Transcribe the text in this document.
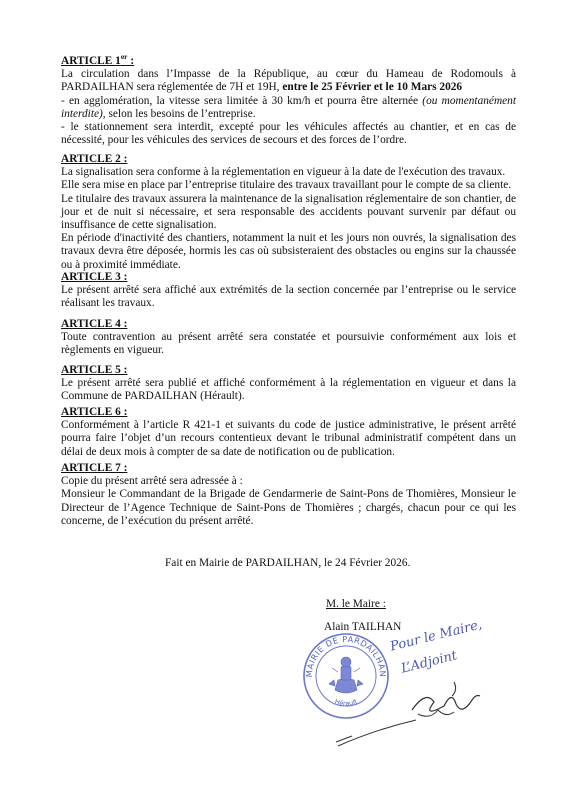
ARTICLE 1er :
La circulation dans l’Impasse de la République, au cœur du Hameau de Rodomouls à
PARDAILHAN sera réglementée de 7H et 19H, entre le 25 Février et le 10 Mars 2026
- en agglomération, la vitesse sera limitée à 30 km/h et pourra être alternée (ou momentanément
interdite), selon les besoins de l’entreprise.
- le stationnement sera interdit, excepté pour les véhicules affectés au chantier, et en cas de
nécessité, pour les véhicules des services de secours et des forces de l’ordre.
ARTICLE 2 :
La signalisation sera conforme à la réglementation en vigueur à la date de l'exécution des travaux.
Elle sera mise en place par l’entreprise titulaire des travaux travaillant pour le compte de sa cliente.
Le titulaire des travaux assurera la maintenance de la signalisation réglementaire de son chantier, de
jour et de nuit si nécessaire, et sera responsable des accidents pouvant survenir par défaut ou
insuffisance de cette signalisation.
En période d'inactivité des chantiers, notamment la nuit et les jours non ouvrés, la signalisation des
travaux devra être déposée, hormis les cas où subsisteraient des obstacles ou engins sur la chaussée
ou à proximité immédiate.
ARTICLE 3 :
Le présent arrêté sera affiché aux extrémités de la section concernée par l’entreprise ou le service
réalisant les travaux.
ARTICLE 4 :
Toute contravention au présent arrêté sera constatée et poursuivie conformément aux lois et
règlements en vigueur.
ARTICLE 5 :
Le présent arrêté sera publié et affiché conformément à la réglementation en vigueur et dans la
Commune de PARDAILHAN (Hérault).
ARTICLE 6 :
Conformément à l’article R 421-1 et suivants du code de justice administrative, le présent arrêté
pourra faire l’objet d’un recours contentieux devant le tribunal administratif compétent dans un
délai de deux mois à compter de sa date de notification ou de publication.
ARTICLE 7 :
Copie du présent arrêté sera adressée à :
Monsieur le Commandant de la Brigade de Gendarmerie de Saint-Pons de Thomières, Monsieur le
Directeur de l’Agence Technique de Saint-Pons de Thomières ; chargés, chacun pour ce qui les
concerne, de l’exécution du présent arrêté.
Fait en Mairie de PARDAILHAN, le 24 Février 2026.
M. le Maire :
Alain TAILHAN
MAIRIE DE PARDAILHAN
Hérault
Pour le Maire,
L’Adjoint
